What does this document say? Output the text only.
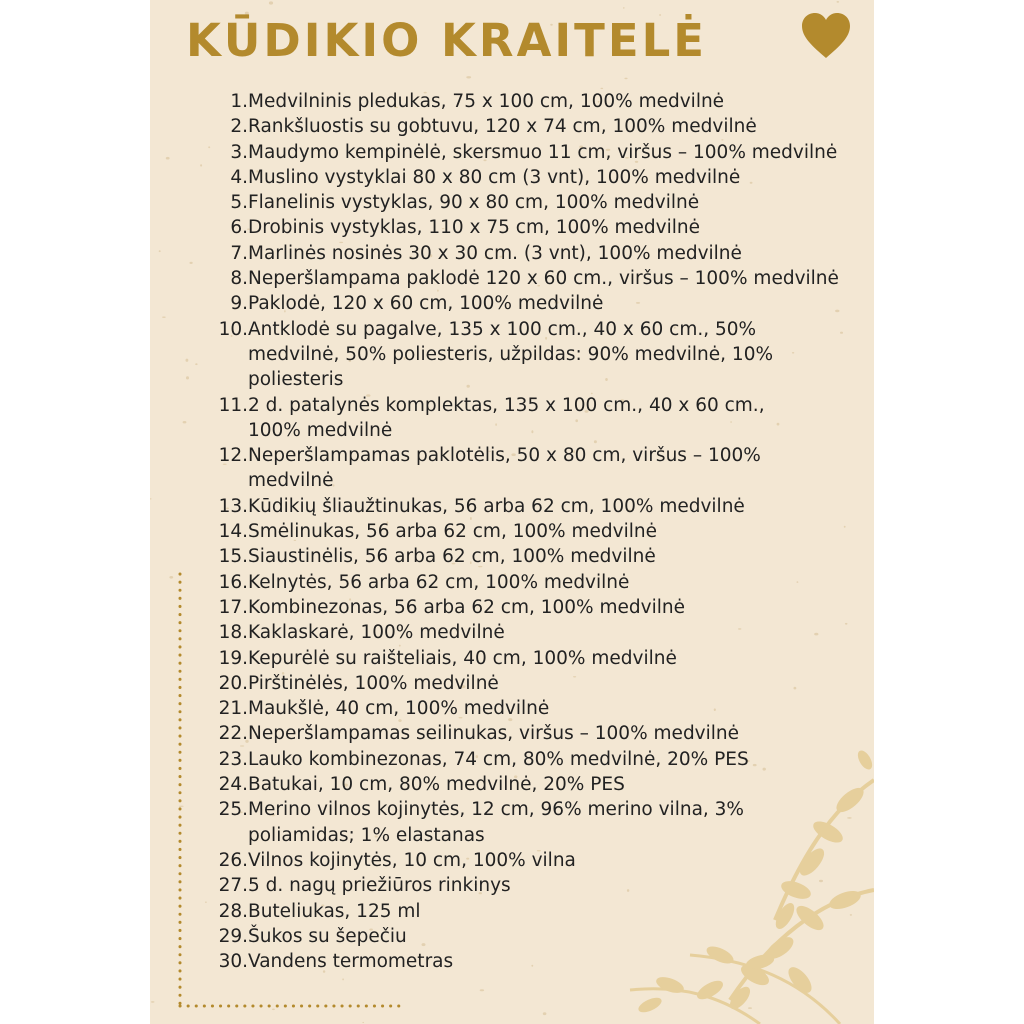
KŪDIKIO KRAITELĖ
1. Medvilninis pledukas, 75 x 100 cm, 100% medvilnė
2. Rankšluostis su gobtuvu, 120 x 74 cm, 100% medvilnė
3. Maudymo kempinėlė, skersmuo 11 cm, viršus – 100% medvilnė
4. Muslino vystyklai 80 x 80 cm (3 vnt), 100% medvilnė
5. Flanelinis vystyklas, 90 x 80 cm, 100% medvilnė
6. Drobinis vystyklas, 110 x 75 cm, 100% medvilnė
7. Marlinės nosinės 30 x 30 cm. (3 vnt), 100% medvilnė
8. Neperšlampama paklodė 120 x 60 cm., viršus – 100% medvilnė
9. Paklodė, 120 x 60 cm, 100% medvilnė
10. Antklodė su pagalve, 135 x 100 cm., 40 x 60 cm., 50% medvilnė, 50% poliesteris, užpildas: 90% medvilnė, 10% poliesteris
11. 2 d. patalynės komplektas, 135 x 100 cm., 40 x 60 cm., 100% medvilnė
12. Neperšlampamas paklotėlis, 50 x 80 cm, viršus – 100% medvilnė
13. Kūdikių šliaužtinukas, 56 arba 62 cm, 100% medvilnė
14. Smėlinukas, 56 arba 62 cm, 100% medvilnė
15. Siaustinėlis, 56 arba 62 cm, 100% medvilnė
16. Kelnytės, 56 arba 62 cm, 100% medvilnė
17. Kombinezonas, 56 arba 62 cm, 100% medvilnė
18. Kaklaskarė, 100% medvilnė
19. Kepurėlė su raišteliais, 40 cm, 100% medvilnė
20. Pirštinėlės, 100% medvilnė
21. Maukšlė, 40 cm, 100% medvilnė
22. Neperšlampamas seilinukas, viršus – 100% medvilnė
23. Lauko kombinezonas, 74 cm, 80% medvilnė, 20% PES
24. Batukai, 10 cm, 80% medvilnė, 20% PES
25. Merino vilnos kojinytės, 12 cm, 96% merino vilna, 3% poliamidas; 1% elastanas
26. Vilnos kojinytės, 10 cm, 100% vilna
27. 5 d. nagų priežiūros rinkinys
28. Buteliukas, 125 ml
29. Šukos su šepečiu
30. Vandens termometras
